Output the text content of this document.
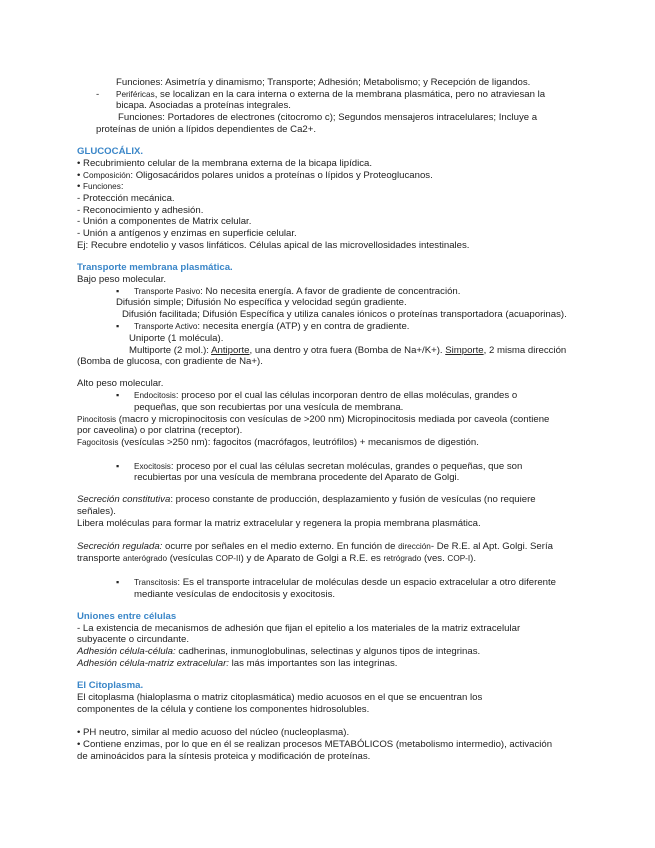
Funciones: Asimetría y dinamismo; Transporte; Adhesión; Metabolismo; y Recepción de ligandos.
- Periféricas, se localizan en la cara interna o externa de la membrana plasmática, pero no atraviesan la
bicapa. Asociadas a proteínas integrales.
Funciones: Portadores de electrones (citocromo c); Segundos mensajeros intracelulares; Incluye a
proteínas de unión a lípidos dependientes de Ca2+.
GLUCOCÁLIX.
• Recubrimiento celular de la membrana externa de la bicapa lipídica.
• Composición: Oligosacáridos polares unidos a proteínas o lípidos y Proteoglucanos.
• Funciones:
- Protección mecánica.
- Reconocimiento y adhesión.
- Unión a componentes de Matrix celular.
- Unión a antígenos y enzimas en superficie celular.
Ej: Recubre endotelio y vasos linfáticos. Células apical de las microvellosidades intestinales.
Transporte membrana plasmática.
Bajo peso molecular.
▪ Transporte Pasivo: No necesita energía. A favor de gradiente de concentración.
Difusión simple; Difusión No específica y velocidad según gradiente.
Difusión facilitada; Difusión Específica y utiliza canales iónicos o proteínas transportadora (acuaporinas).
▪ Transporte Activo: necesita energía (ATP) y en contra de gradiente.
Uniporte (1 molécula).
Multiporte (2 mol.): Antiporte, una dentro y otra fuera (Bomba de Na+/K+). Simporte, 2 misma dirección
(Bomba de glucosa, con gradiente de Na+).
Alto peso molecular.
▪ Endocitosis: proceso por el cual las células incorporan dentro de ellas moléculas, grandes o
pequeñas, que son recubiertas por una vesícula de membrana.
Pinocitosis (macro y micropinocitosis con vesículas de >200 nm) Micropinocitosis mediada por caveola (contiene
por caveolina) o por clatrina (receptor).
Fagocitosis (vesículas >250 nm): fagocitos (macrófagos, leutrófilos) + mecanismos de digestión.
▪ Exocitosis: proceso por el cual las células secretan moléculas, grandes o pequeñas, que son
recubiertas por una vesícula de membrana procedente del Aparato de Golgi.
Secreción constitutiva: proceso constante de producción, desplazamiento y fusión de vesículas (no requiere
señales).
Libera moléculas para formar la matriz extracelular y regenera la propia membrana plasmática.
Secreción regulada: ocurre por señales en el medio externo. En función de dirección- De R.E. al Apt. Golgi. Sería
transporte anterógrado (vesículas COP-II) y de Aparato de Golgi a R.E. es retrógrado (ves. COP-I).
▪ Transcitosis: Es el transporte intracelular de moléculas desde un espacio extracelular a otro diferente
mediante vesículas de endocitosis y exocitosis.
Uniones entre células
- La existencia de mecanismos de adhesión que fijan el epitelio a los materiales de la matriz extracelular
subyacente o circundante.
Adhesión célula-célula: cadherinas, inmunoglobulinas, selectinas y algunos tipos de integrinas.
Adhesión célula-matriz extracelular: las más importantes son las integrinas.
El Citoplasma.
El citoplasma (hialoplasma o matriz citoplasmática) medio acuosos en el que se encuentran los
componentes de la célula y contiene los componentes hidrosolubles.
• PH neutro, similar al medio acuoso del núcleo (nucleoplasma).
• Contiene enzimas, por lo que en él se realizan procesos METABÓLICOS (metabolismo intermedio), activación
de aminoácidos para la síntesis proteica y modificación de proteínas.
